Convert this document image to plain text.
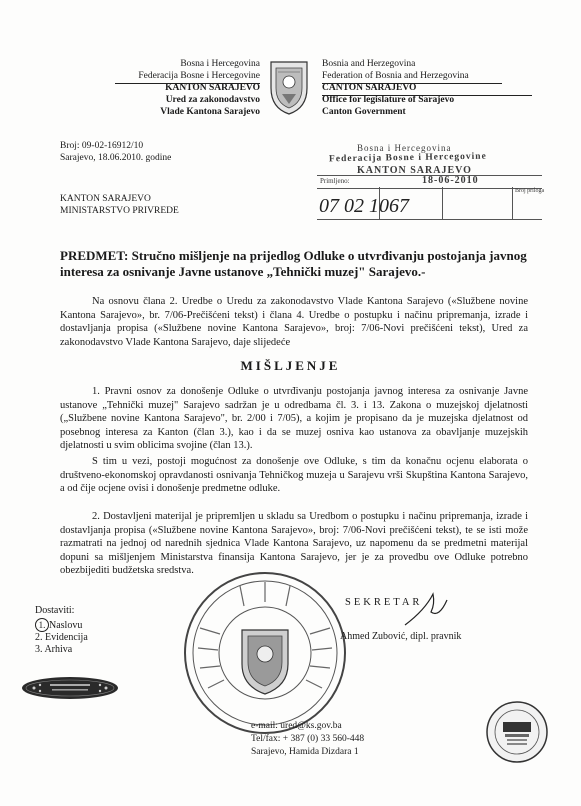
Bosna i Hercegovina
Federacija Bosne i Hercegovine
KANTON SARAJEVO
Ured za zakonodavstvo
Vlade Kantona Sarajevo
Bosnia and Herzegovina
Federation of Bosnia and Herzegovina
CANTON SARAJEVO
Office for legislature of Sarajevo
Canton Government
Broj: 09-02-16912/10
Sarajevo, 18.06.2010. godine
KANTON SARAJEVO
MINISTARSTVO PRIVREDE
Bosna i Hercegovina
Federacija Bosne i Hercegovine
KANTON SARAJEVO
Primljeno:	18-06-2010
07 02 1067
Broj priloga
PREDMET: Stručno mišljenje na prijedlog Odluke o utvrđivanju postojanja javnog interesa za osnivanje Javne ustanove „Tehnički muzej" Sarajevo.-
Na osnovu člana 2. Uredbe o Uredu za zakonodavstvo Vlade Kantona Sarajevo («Službene novine Kantona Sarajevo», br. 7/06-Prečišćeni tekst) i člana 4. Uredbe o postupku i načinu pripremanja, izrade i dostavljanja propisa («Službene novine Kantona Sarajevo», broj: 7/06-Novi prečišćeni tekst), Ured za zakonodavstvo Vlade Kantona Sarajevo, daje slijedeće
MIŠLJENJE
1. Pravni osnov za donošenje Odluke o utvrđivanju postojanja javnog interesa za osnivanje Javne ustanove „Tehnički muzej" Sarajevo sadržan je u odredbama čl. 3. i 13. Zakona o muzejskoj djelatnosti („Službene novine Kantona Sarajevo", br. 2/00 i 7/05), a kojim je propisano da je muzejska djelatnost od posebnog interesa za Kanton (član 3.), kao i da se muzej osniva kao ustanova za obavljanje muzejskih djelatnosti u svim oblicima svojine (član 13.).
S tim u vezi, postoji mogućnost za donošenje ove Odluke, s tim da konačnu ocjenu elaborata o društveno-ekonomskoj opravdanosti osnivanja Tehničkog muzeja u Sarajevu vrši Skupština Kantona Sarajevo, a od čije ocjene ovisi i donošenje predmetne odluke.
2. Dostavljeni materijal je pripremljen u skladu sa Uredbom o postupku i načinu pripremanja, izrade i dostavljanja propisa («Službene novine Kantona Sarajevo», broj: 7/06-Novi prečišćeni tekst), te se isti može razmatrati na jednoj od narednih sjednica Vlade Kantona Sarajevo, uz napomenu da se predmetni materijal dopuni sa mišljenjem Ministarstva finansija Kantona Sarajevo, jer je za provedbu ove Odluke potrebno obezbijediti budžetska sredstva.
SEKRETAR
Ahmed Zubović, dipl. pravnik
Dostaviti:
1. Naslovu
2. Evidencija
3. Arhiva
e-mail: ured@ks.gov.ba
Tel/fax: + 387 (0) 33 560-448
Sarajevo, Hamida Dizdara 1
